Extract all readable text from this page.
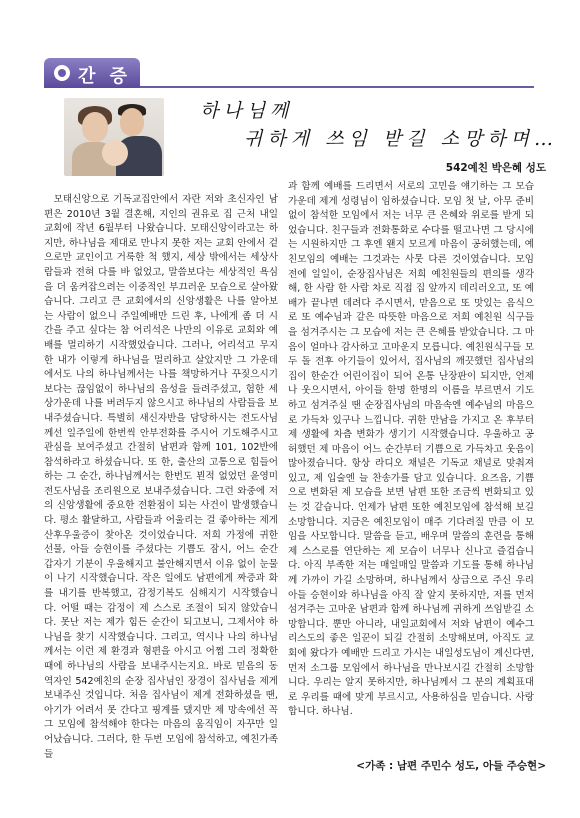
간 증
하나님께
귀하게 쓰임 받길 소망하며…
542예친 박은혜 성도

모태신앙으로 기독교집안에서 자란 저와 초신자인 남편은 2010년 3월 결혼해, 지인의 권유로 집 근처 내일교회에 작년 6월부터 나왔습니다. 모태신앙이라고는 하지만, 하나님을 제대로 만나지 못한 저는 교회 안에서 겉으로만 교인이고 거룩한 척 했지, 세상 밖에서는 세상사람들과 전혀 다를 바 없었고, 말씀보다는 세상적인 욕심을 더 움켜잡으려는 이중적인 부끄러운 모습으로 살아왔습니다. 그리고 큰 교회에서의 신앙생활은 나를 알아보는 사람이 없으니 주일예배만 드린 후, 나에게 좀 더 시간을 주고 싶다는 참 어리석은 나만의 이유로 교회와 예배를 멀리하기 시작했었습니다. 그러나, 어리석고 무지한 내가 이렇게 하나님을 멀리하고 살았지만 그 가운데에서도 나의 하나님께서는 나를 책망하거나 꾸짖으시기 보다는 끊임없이 하나님의 음성을 들려주셨고, 험한 세상가운데 나를 버려두지 않으시고 하나님의 사람들을 보내주셨습니다. 특별히 새신자반을 담당하시는 전도사님께선 일주일에 한번씩 안부전화를 주시어 기도해주시고 관심을 보여주셨고 간절히 남편과 함께 101, 102반에 참석하라고 하셨습니다. 또 한, 출산의 고통으로 힘들어 하는 그 순간, 하나님께서는 한번도 뵌적 없었던 윤영미 전도사님을 조리원으로 보내주셨습니다. 그런 와중에 저의 신앙생활에 중요한 전환점이 되는 사건이 발생했습니다. 평소 활달하고, 사람들과 어울리는 걸 좋아하는 제게 산후우울증이 찾아온 것이었습니다. 저희 가정에 귀한 선물, 아들 승현이를 주셨다는 기쁨도 잠시, 어느 순간 갑자기 기분이 우울해지고 불안해지면서 이유 없이 눈물이 나기 시작했습니다. 작은 일에도 남편에게 짜증과 화를 내기를 반복했고, 감정기복도 심해지기 시작했습니다. 어떨 때는 감정이 제 스스로 조절이 되지 않았습니다. 못난 저는 제가 힘든 순간이 되고보니, 그제서야 하나님을 찾기 시작했습니다. 그리고, 역시나 나의 하나님께서는 이런 제 환경과 형편을 아시고 어쩜 그리 정확한 때에 하나님의 사람을 보내주시는지요. 바로 믿음의 동역자인 542예친의 순장 집사님인 장경이 집사님을 제게 보내주신 것입니다. 처음 집사님이 제게 전화하셨을 땐, 아기가 어려서 못 간다고 핑계를 댔지만 제 망속에선 꼭 그 모임에 참석해야 한다는 마음의 움직임이 자꾸만 일어났습니다. 그러다, 한 두번 모임에 참석하고, 예친가족들

과 함께 예배를 드리면서 서로의 고민을 얘기하는 그 모습가운데 제게 성령님이 임하셨습니다. 모임 첫 날, 아무 준비없이 참석한 모임에서 저는 너무 큰 은혜와 위로를 받게 되었습니다. 친구들과 전화통화로 수다를 떨고나면 그 당시에는 시원하지만 그 후엔 왠지 모르게 마음이 공허했는데, 예친모임의 예배는 그것과는 사뭇 다른 것이였습니다. 모임 전에 일일이, 순장집사님은 저희 예친원들의 편의를 생각해, 한 사람 한 사람 차로 직접 집 앞까지 데리러오고, 또 예배가 끝나면 데려다 주시면서, 맏음으로 또 맛있는 음식으로 또 예수님과 같은 따뜻한 마음으로 저희 예친원 식구들을 섬겨주시는 그 모습에 저는 큰 은혜를 받았습니다. 그 마음이 얼마나 감사하고 고마운지 모릅니다. 예친원식구들 모두 돌 전후 아기들이 있어서, 집사님의 깨끗했던 집사님의 집이 한순간 어린이집이 되어 온통 난장판이 되지만, 언제나 웃으시면서, 아이들 한명 한명의 이름을 부르면서 기도하고 섬겨주실 땐 순장집사님의 마음속엔 예수님의 마음으로 가득차 있구나 느낍니다. 귀한 만남을 가지고 온 후부터 제 생활에 차츰 변화가 생기기 시작했습니다. 우울하고 공허했던 제 마음이 어느 순간부터 기쁨으로 가득차고 웃음이 많아졌습니다. 항상 라디오 채널은 기독교 채널로 맞춰져 있고, 제 입술엔 늘 찬송가를 담고 있습니다. 요즈음, 기쁨으로 변화된 제 모습을 보면 남편 또한 조금씩 변화되고 있는 것 같습니다. 언제가 남편 또한 예친모임에 참석해 보길 소망합니다. 지금은 예친모임이 매주 기다려질 만큼 이 모임을 사모합니다. 말씀을 듣고, 배우며 말씀의 훈련을 통해 제 스스로를 연단하는 제 모습이 너무나 신나고 즐겁습니다. 아직 부족한 저는 매일매일 말씀과 기도를 통해 하나님께 가까이 가길 소망하며, 하나님께서 상급으로 주신 우리 아들 승현이와 하나님을 아직 잘 알지 못하지만, 저를 먼저 섬겨주는 고마운 남편과 함께 하나님께 귀하게 쓰임받길 소망합니다. 뿐만 아니라, 내일교회에서 저와 남편이 예수그리스도의 좋은 일꾼이 되길 간절히 소망해보며, 아직도 교회에 왔다가 예배만 드리고 가시는 내일성도님이 계신다면, 먼저 소그룹 모임에서 하나님을 만나보시길 간절히 소망합니다. 우리는 알지 못하지만, 하나님께서 그 분의 계획표대로 우리를 때에 맞게 부르시고, 사용하심을 믿습니다. 사랑합니다. 하나님.

<가족 : 남편 주민수 성도, 아들 주승현>
